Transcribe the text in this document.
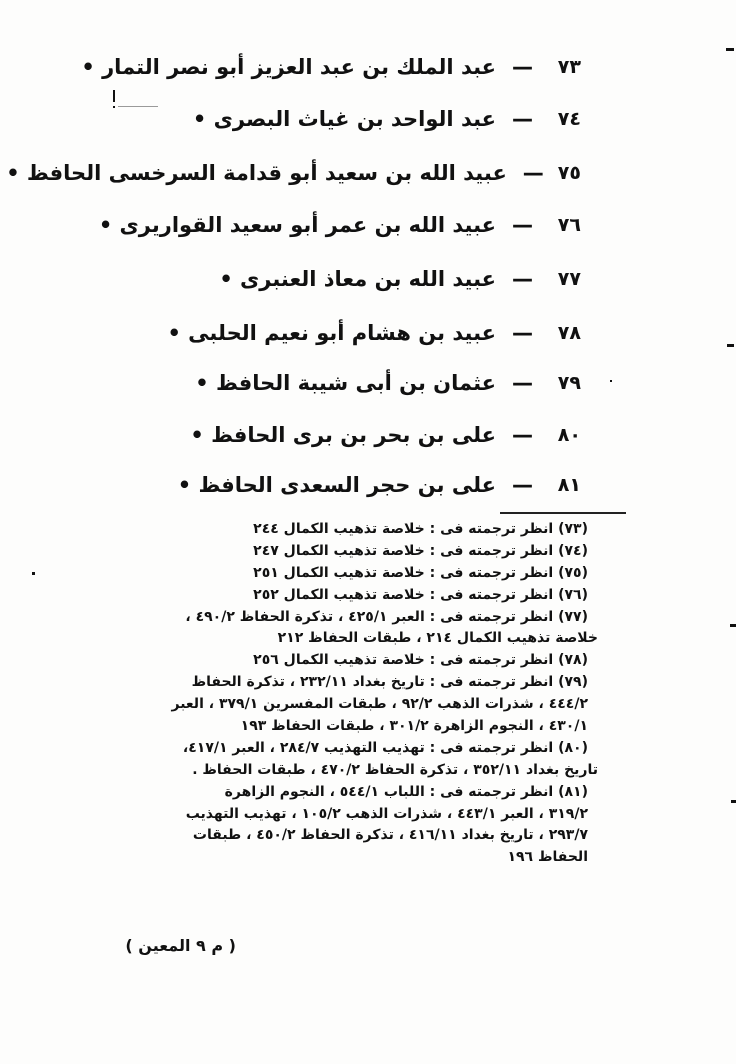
٧٣
—
عبد الملك بن عبد العزيز أبو نصر التمار •
٧٤
—
عبد الواحد بن غياث البصرى •
٧٥
—
عبيد الله بن سعيد أبو قدامة السرخسى الحافظ •
٧٦
—
عبيد الله بن عمر أبو سعيد القواريرى •
٧٧
—
عبيد الله بن معاذ العنبرى •
٧٨
—
عبيد بن هشام أبو نعيم الحلبى •
٧٩
—
عثمان بن أبى شيبة الحافظ •
٨٠
—
على بن بحر بن برى الحافظ •
٨١
—
على بن حجر السعدى الحافظ •
(٧٣) انظر ترجمته فى : خلاصة تذهيب الكمال ٢٤٤
(٧٤) انظر ترجمته فى : خلاصة تذهيب الكمال ٢٤٧
(٧٥) انظر ترجمته فى : خلاصة تذهيب الكمال ٢٥١
(٧٦) انظر ترجمته فى : خلاصة تذهيب الكمال ٢٥٢
(٧٧) انظر ترجمته فى : العبر ٤٢٥/١ ، تذكرة الحفاظ ٤٩٠/٢ ،
خلاصة تذهيب الكمال ٢١٤ ، طبقات الحفاظ ٢١٢
(٧٨) انظر ترجمته فى : خلاصة تذهيب الكمال ٢٥٦
(٧٩) انظر ترجمته فى : تاريخ بغداد ٢٣٢/١١ ، تذكرة الحفاظ
٤٤٤/٢ ، شذرات الذهب ٩٢/٢ ، طبقات المفسرين ٣٧٩/١ ، العبر
٤٣٠/١ ، النجوم الزاهرة ٣٠١/٢ ، طبقات الحفاظ ١٩٣
(٨٠) انظر ترجمته فى : تهذيب التهذيب ٢٨٤/٧ ، العبر ٤١٧/١،
تاريخ بغداد ٣٥٢/١١ ، تذكرة الحفاظ ٤٧٠/٢ ، طبقات الحفاظ .
(٨١) انظر ترجمته فى : اللباب ٥٤٤/١ ، النجوم الزاهرة
٣١٩/٢ ، العبر ٤٤٣/١ ، شذرات الذهب ١٠٥/٢ ، تهذيب التهذيب
٢٩٣/٧ ، تاريخ بغداد ٤١٦/١١ ، تذكرة الحفاظ ٤٥٠/٢ ، طبقات
الحفاظ ١٩٦
( م ٩ المعين )
